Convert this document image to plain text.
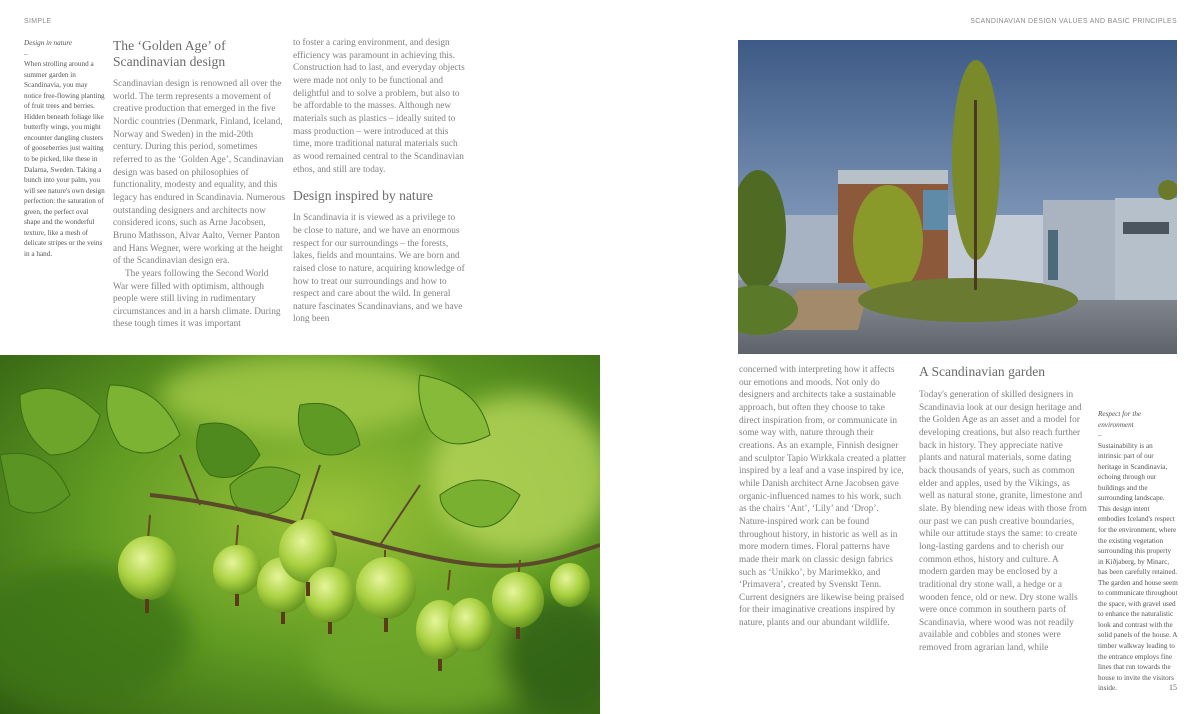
SIMPLE
Design in nature
–
When strolling around a summer garden in Scandinavia, you may notice free-flowing planting of fruit trees and berries. Hidden beneath foliage like butterfly wings, you might encounter dangling clusters of gooseberries just waiting to be picked, like these in Dalarna, Sweden. Taking a bunch into your palm, you will see nature's own design perfection: the saturation of green, the perfect oval shape and the wonderful texture, like a mesh of delicate stripes or the veins in a hand.
The ‘Golden Age’ of Scandinavian design

Scandinavian design is renowned all over the world. The term represents a movement of creative production that emerged in the five Nordic countries (Denmark, Finland, Iceland, Norway and Sweden) in the mid-20th century. During this period, sometimes referred to as the ‘Golden Age’, Scandinavian design was based on philosophies of functionality, modesty and equality, and this legacy has endured in Scandinavia. Numerous outstanding designers and architects now considered icons, such as Arne Jacobsen, Bruno Mathsson, Alvar Aalto, Verner Panton and Hans Wegner, were working at the height of the Scandinavian design era.

The years following the Second World War were filled with optimism, although people were still living in rudimentary circumstances and in a harsh climate. During these tough times it was important

to foster a caring environment, and design efficiency was paramount in achieving this. Construction had to last, and everyday objects were made not only to be functional and delightful and to solve a problem, but also to be affordable to the masses. Although new materials such as plastics – ideally suited to mass production – were introduced at this time, more traditional natural materials such as wood remained central to the Scandinavian ethos, and still are today.

Design inspired by nature

In Scandinavia it is viewed as a privilege to be close to nature, and we have an enormous respect for our surroundings – the forests, lakes, fields and mountains. We are born and raised close to nature, acquiring knowledge of how to treat our surroundings and how to respect and care about the wild. In general nature fascinates Scandinavians, and we have long been

SCANDINAVIAN DESIGN VALUES AND BASIC PRINCIPLES

concerned with interpreting how it affects our emotions and moods. Not only do designers and architects take a sustainable approach, but often they choose to take direct inspiration from, or communicate in some way with, nature through their creations. As an example, Finnish designer and sculptor Tapio Wirkkala created a platter inspired by a leaf and a vase inspired by ice, while Danish architect Arne Jacobsen gave organic-influenced names to his work, such as the chairs ‘Ant’, ‘Lily’ and ‘Drop’. Nature-inspired work can be found throughout history, in historic as well as in more modern times. Floral patterns have made their mark on classic design fabrics such as ‘Unikko’, by Marimekko, and ‘Primavera’, created by Svenskt Tenn. Current designers are likewise being praised for their imaginative creations inspired by nature, plants and our abundant wildlife.

A Scandinavian garden

Today's generation of skilled designers in Scandinavia look at our design heritage and the Golden Age as an asset and a model for developing creations, but also reach further back in history. They appreciate native plants and natural materials, some dating back thousands of years, such as common elder and apples, used by the Vikings, as well as natural stone, granite, limestone and slate. By blending new ideas with those from our past we can push creative boundaries, while our attitude stays the same: to create long-lasting gardens and to cherish our common ethos, history and culture. A modern garden may be enclosed by a traditional dry stone wall, a hedge or a wooden fence, old or new. Dry stone walls were once common in southern parts of Scandinavia, where wood was not readily available and cobbles and stones were removed from agrarian land, while

Respect for the environment
–
Sustainability is an intrinsic part of our heritage in Scandinavia, echoing through our buildings and the surrounding landscape. This design intent embodies Iceland's respect for the environment, where the existing vegetation surrounding this property in Kiðjaberg, by Minarc, has been carefully retained. The garden and house seem to communicate throughout the space, with gravel used to enhance the naturalistic look and contrast with the solid panels of the house. A timber walkway leading to the entrance employs fine lines that run towards the house to invite the visitors inside.	15
